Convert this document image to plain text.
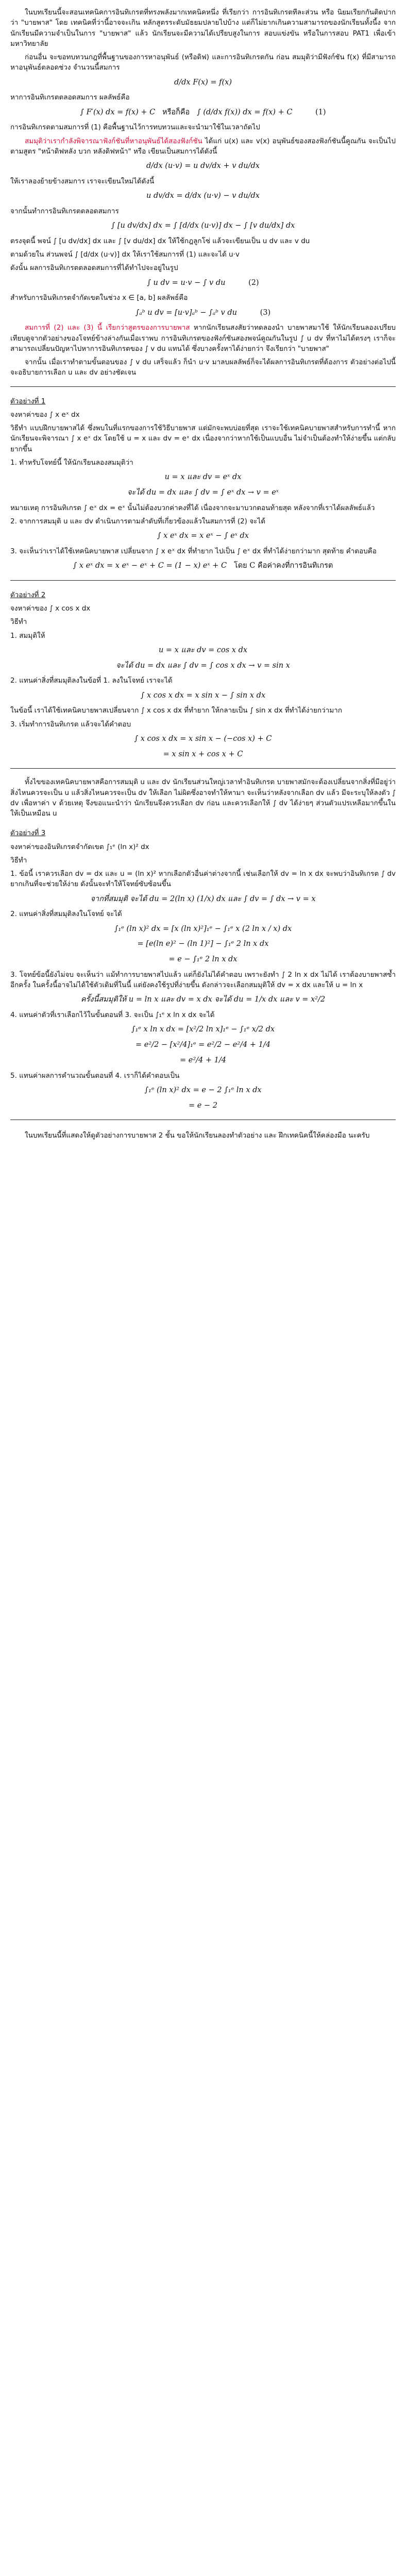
ในบทเรียนนี้จะสอนเทคนิคการอินทิเกรตที่ทรงพลังมากเทคนิคหนึ่ง ที่เรียกว่า การอินทิเกรตทีละส่วน หรือ นิยมเรียกกันติดปากว่า "บายพาส" โดย เทคนิคที่ว่านี้อาจจะเกิน หลักสูตรระดับมัธยมปลายไปบ้าง แต่ก็ไม่ยากเกินความสามารถของนักเรียนทั้งนี้ง จาก นักเรียนมีความจำเป็นในการ "บายพาส" แล้ว นักเรียนจะมีความได้เปรียบสูงในการ สอบแข่งขัน หรือในการสอบ PAT1 เพื่อเข้ามหาวิทยาลัย

ก่อนอื่น จะขอทบทวนกฎที่พื้นฐานของการหาอนุพันธ์ (หรือดิฟ) และการอินทิเกรตกัน ก่อน สมมุติว่ามีฟังก์ชัน f(x) ที่มีสามารถหาอนุพันธ์ตลอดช่วง จำนวนนี้สมการ

d/dx F(x) = f(x)

หาการอินทิเกรตตลอดสมการ ผลลัพธ์คือ

∫ F′(x) dx = f(x) + C หรือก็คือ ∫ (d/dx f(x)) dx = f(x) + C	(1)

การอินทิเกรตตามสมการที่ (1) คือพื้นฐานไว้การทบทวนและจะนำมาใช้ในเวลาถัดไป

สมมุติว่าเรากำลังพิจารณาฟังก์ชันที่หาอนุพันธ์ได้สองฟังก์ชัน ได้แก่ u(x) และ v(x) อนุพันธ์ของสองฟังก์ชันนี้คูณกัน จะเป็นไปตามสูตร "หน้าดิฟหลัง บวก หลังดิฟหน้า" หรือ เขียนเป็นสมการได้ดังนี้

d/dx (u·v) = u dv/dx + v du/dx

ให้เราลองย้ายข้างสมการ เราจะเขียนใหม่ได้ดังนี้

u dv/dx = d/dx (u·v) − v du/dx

จากนั้นทำการอินทิเกรตตลอดสมการ

∫ [u dv/dx] dx = ∫ [d/dx (u·v)] dx − ∫ [v du/dx] dx

ตรงจุดนี้ พจน์ ∫ [u dv/dx] dx และ ∫ [v du/dx] dx ให้ใช้กฎลูกโซ่ แล้วจะเขียนเป็น u dv และ v du

ตามด้วยใน ส่วนพจน์ ∫ [d/dx (u·v)] dx ให้เราใช้สมการที่ (1) และจะได้ u·v

ดังนั้น ผลการอินทิเกรตตลอดสมการที่ได้ทำไปจะอยู่ในรูป

∫ u dv = u·v − ∫ v du	(2)

สำหรับการอินทิเกรตจำกัดเขตในช่วง x ∈ [a, b] ผลลัพธ์คือ

∫ₐᵇ u dv = [u·v]ₐᵇ − ∫ₐᵇ v du	(3)

สมการที่ (2) และ (3) นี้ เรียกว่าสูตรของการบายพาส หากนักเรียนสงสัยว่าทดลองนำ บายพาสมาใช้ ให้นักเรียนลองเปรียบเทียบดูจากตัวอย่างของโจทย์ข้างล่างกันเมื่อเราพบ การอินทิเกรตของฟังก์ชันสองพจน์คูณกันในรูป ∫ u dv ที่หาไม่ได้ตรงๆ เราก็จะสามารถเปลี่ยนปัญหาไปหาการอินทิเกรตของ ∫ v du แทนได้ ซึ่งบางครั้งหาได้ง่ายกว่า จึงเรียกว่า "บายพาส"

จากนั้น เมื่อเราทำตามขั้นตอนของ ∫ v du เสร็จแล้ว ก็นำ u·v มาลบผลลัพธ์ก็จะได้ผลการอินทิเกรตที่ต้องการ ตัวอย่างต่อไปนี้จะอธิบายการเลือก u และ dv อย่างชัดเจน

ตัวอย่างที่ 1

จงหาค่าของ ∫ x eˣ dx

วิธีทำ แบบฝึกบายพาสได้ ซึ่งพบในที่แรกของการใช้วิธีบายพาส แต่มักจะพบบ่อยที่สุด เราจะใช้เทคนิคบายพาสสำหรับการทำนี้ หากนักเรียนจะพิจารณา ∫ x eˣ dx โดยใช้ u = x และ dv = eˣ dx เนื่องจากว่าหากใช้เป็นแบบอื่น ไม่จำเป็นต้องทำให้ง่ายขึ้น แต่กลับยากขึ้น

1. ทำหรับโจทย์นี้ ให้นักเรียนลองสมมุติว่า

u = x และ dv = eˣ dx
จะได้ du = dx และ ∫ dv = ∫ eˣ dx → v = eˣ

หมายเหตุ การอินทิเกรต ∫ eˣ dx = eˣ นั้นไม่ต้องบวกค่าคงที่ได้ เนื่องจากจะมาบวกตอนท้ายสุด หลังจากที่เราได้ผลลัพธ์แล้ว

2. จากการสมมุติ u และ dv ดำเนินการตามลำดับที่เกี่ยวข้องแล้วในสมการที่ (2) จะได้

∫ x eˣ dx = x eˣ − ∫ eˣ dx

3. จะเห็นว่าเราได้ใช้เทคนิคบายพาส เปลี่ยนจาก ∫ x eˣ dx ที่ทำยาก ไปเป็น ∫ eˣ dx ที่ทำได้ง่ายกว่ามาก สุดท้าย คำตอบคือ

∫ x eˣ dx = x eˣ − eˣ + C = (1 − x) eˣ + C โดย C คือค่าคงที่การอินทิเกรต
ตัวอย่างที่ 2

จงหาค่าของ ∫ x cos x dx

วิธีทำ

1. สมมุติให้

u = x และ dv = cos x dx
จะได้ du = dx และ ∫ dv = ∫ cos x dx → v = sin x

2. แทนค่าสิ่งที่สมมุติลงในข้อที่ 1. ลงในโจทย์ เราจะได้

∫ x cos x dx = x sin x − ∫ sin x dx

ในข้อนี้ เราได้ใช้เทคนิคบายพาสเปลี่ยนจาก ∫ x cos x dx ที่ทำยาก ให้กลายเป็น ∫ sin x dx ที่ทำได้ง่ายกว่ามาก

3. เริ่มทำการอินทิเกรต แล้วจะได้คำตอบ

∫ x cos x dx = x sin x − (−cos x) + C
= x sin x + cos x + C

ทั้งไขของเทคนิคบายพาสคือการสมมุติ u และ dv นักเรียนส่วนใหญ่เวลาทำอินทิเกรต บายพาสมักจะต้องเปลี่ยนจากสิ่งที่มีอยู่ว่าสิ่งไหนควรจะเป็น u แล้วสิ่งไหนควรจะเป็น dv ให้เลือก ไม่ผิดซึ่งอาจทำให้หามา จะเห็นว่าหลังจากเลือก dv แล้ว มีจะระบุให้ลงตัว ∫ dv เพื่อหาค่า v ด้วยเหตุ จึงขอแนะนำว่า นักเรียนจึงควรเลือก dv ก่อน และควรเลือกให้ ∫ dv ได้ง่ายๆ ส่วนตัวแปรเหลือมากขึ้นในให้เป็นเหมือน u

ตัวอย่างที่ 3

จงหาค่าของอินทิเกรตจำกัดเขต ∫₁ᵉ (ln x)² dx

วิธีทำ

1. ข้อนี้ เราควรเลือก dv = dx และ u = (ln x)² หากเลือกตัวอื่นค่าต่างจากนี้ เช่นเลือกให้ dv = ln x dx จะพบว่าอินทิเกรต ∫ dv ยากเกินที่จะช่วยให้ง่าย ดังนั้นจะทำให้โจทย์ซับซ้อนขึ้น

จากที่สมมุติ จะได้ du = 2(ln x) (1/x) dx และ ∫ dv = ∫ dx → v = x

2. แทนค่าสิ่งที่สมมุติลงในโจทย์ จะได้

∫₁ᵉ (ln x)² dx = [x (ln x)²]₁ᵉ − ∫₁ᵉ x (2 ln x / x) dx
= [e(ln e)² − (ln 1)²] − ∫₁ᵉ 2 ln x dx
= e − ∫₁ᵉ 2 ln x dx

3. โจทย์ข้อนี้ยังไม่จบ จะเห็นว่า แม้ทำการบายพาสไปแล้ว แต่ก็ยังไม่ได้คำตอบ เพราะยังทำ ∫ 2 ln x dx ไม่ได้ เราต้องบายพาสซ้ำอีกครั้ง ในครั้งนี้อาจไม่ได้ใช้ตัวเดิมที่ในนี้ แต่ยังคงใช้รูปที่ง่ายขึ้น ดังกล่าวจะเลือกสมมุติให้ dv = x dx และให้ u = ln x

ครั้งนี้สมมุติให้ u = ln x และ dv = x dx จะได้ du = 1/x dx และ v = x²/2

4. แทนค่าตัวที่เราเลือกไว้ในขั้นตอนที่ 3. จะเป็น ∫₁ᵉ x ln x dx จะได้

∫₁ᵉ x ln x dx = [x²/2 ln x]₁ᵉ − ∫₁ᵉ x/2 dx
= e²/2 − [x²/4]₁ᵉ = e²/2 − e²/4 + 1/4
= e²/4 + 1/4

5. แทนค่าผลการคำนวณขั้นตอนที่ 4. เราก็ได้คำตอบเป็น

∫₁ᵉ (ln x)² dx = e − 2 ∫₁ᵉ ln x dx
= e − 2

ในบทเรียนนี้ที่แสดงให้ดูตัวอย่างการบายพาส 2 ชั้น ขอให้นักเรียนลองทำตัวอย่าง และ ฝึกเทคนิคนี้ให้คล่องมือ นะครับ
